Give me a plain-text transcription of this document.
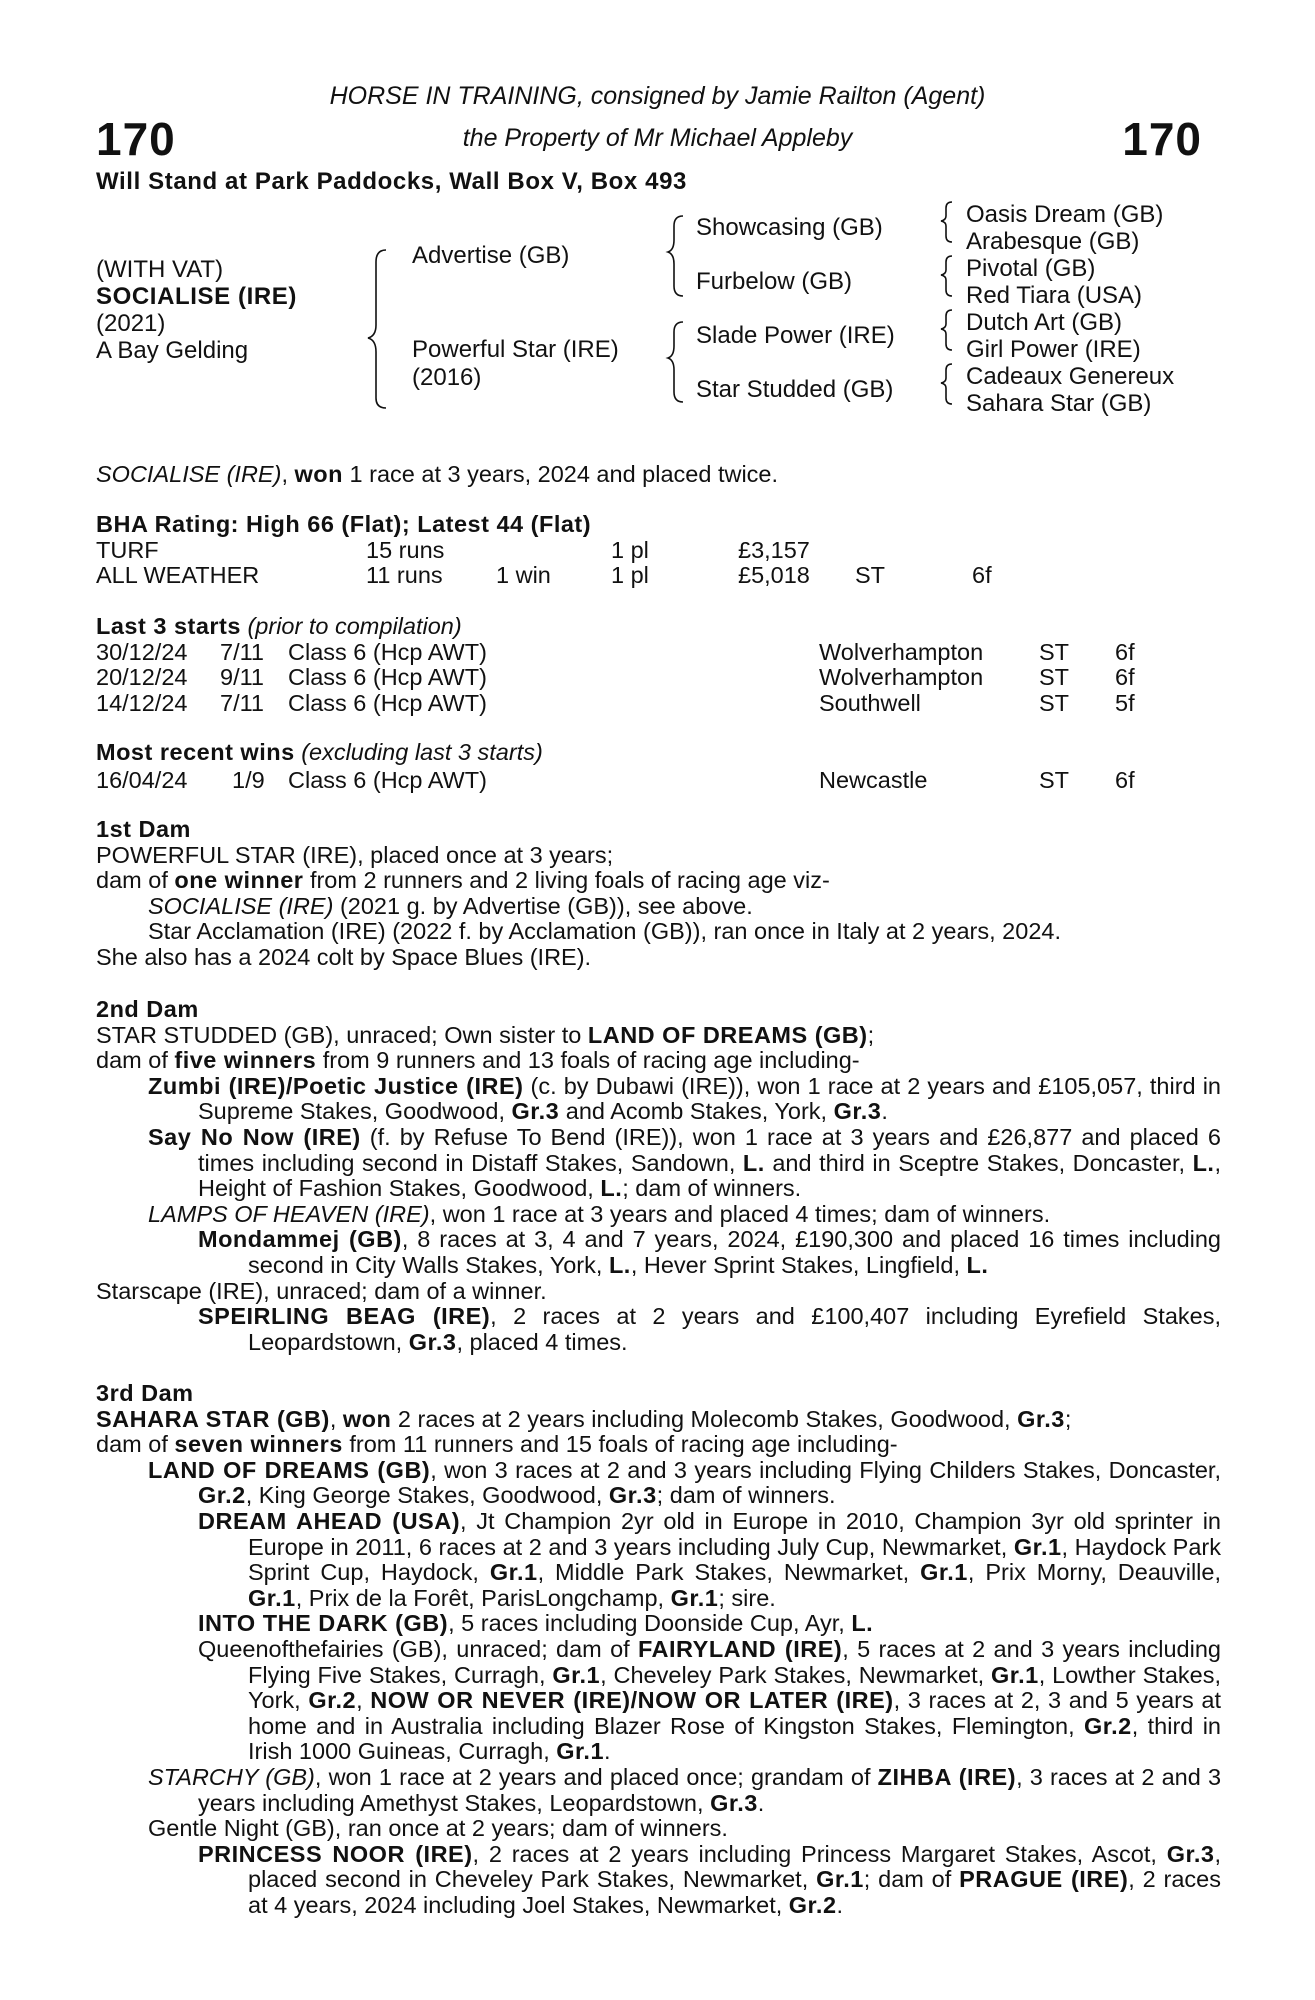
170	170
HORSE IN TRAINING, consigned by Jamie Railton (Agent)
the Property of Mr Michael Appleby
Will Stand at Park Paddocks, Wall Box V, Box 493
(WITH VAT)
SOCIALISE (IRE)
(2021)
A Bay Gelding
Advertise (GB)
Powerful Star (IRE)
(2016)
Showcasing (GB)
Furbelow (GB)
Slade Power (IRE)
Star Studded (GB)
Oasis Dream (GB)
Arabesque (GB)
Pivotal (GB)
Red Tiara (USA)
Dutch Art (GB)
Girl Power (IRE)
Cadeaux Genereux
Sahara Star (GB)

SOCIALISE (IRE), won 1 race at 3 years, 2024 and placed twice.

BHA Rating: High 66 (Flat); Latest 44 (Flat)
TURF	15 runs	1 pl	£3,157
ALL WEATHER	11 runs 1 win	1 pl	£5,018 ST	6f
Last 3 starts (prior to compilation)
30/12/24 7/11 Class 6 (Hcp AWT)	Wolverhampton ST 6f
20/12/24 9/11 Class 6 (Hcp AWT)	Wolverhampton ST 6f
14/12/24 7/11 Class 6 (Hcp AWT)	Southwell	ST 5f
Most recent wins (excluding last 3 starts)
16/04/24 1/9 Class 6 (Hcp AWT)	Newcastle	ST 6f

1st Dam

POWERFUL STAR (IRE), placed once at 3 years;

dam of one winner from 2 runners and 2 living foals of racing age viz-

SOCIALISE (IRE) (2021 g. by Advertise (GB)), see above.

Star Acclamation (IRE) (2022 f. by Acclamation (GB)), ran once in Italy at 2 years, 2024.

She also has a 2024 colt by Space Blues (IRE).

2nd Dam

STAR STUDDED (GB), unraced; Own sister to LAND OF DREAMS (GB);

dam of five winners from 9 runners and 13 foals of racing age including-

Zumbi (IRE)/Poetic Justice (IRE) (c. by Dubawi (IRE)), won 1 race at 2 years and £105,057, third in Supreme Stakes, Goodwood, Gr.3 and Acomb Stakes, York, Gr.3.

Say No Now (IRE) (f. by Refuse To Bend (IRE)), won 1 race at 3 years and £26,877 and placed 6 times including second in Distaff Stakes, Sandown, L. and third in Sceptre Stakes, Doncaster, L., Height of Fashion Stakes, Goodwood, L.; dam of winners.

LAMPS OF HEAVEN (IRE), won 1 race at 3 years and placed 4 times; dam of winners.

Mondammej (GB), 8 races at 3, 4 and 7 years, 2024, £190,300 and placed 16 times including second in City Walls Stakes, York, L., Hever Sprint Stakes, Lingfield, L.

Starscape (IRE), unraced; dam of a winner.

SPEIRLING BEAG (IRE), 2 races at 2 years and £100,407 including Eyrefield Stakes, Leopardstown, Gr.3, placed 4 times.

3rd Dam

SAHARA STAR (GB), won 2 races at 2 years including Molecomb Stakes, Goodwood, Gr.3;

dam of seven winners from 11 runners and 15 foals of racing age including-

LAND OF DREAMS (GB), won 3 races at 2 and 3 years including Flying Childers Stakes, Doncaster, Gr.2, King George Stakes, Goodwood, Gr.3; dam of winners.

DREAM AHEAD (USA), Jt Champion 2yr old in Europe in 2010, Champion 3yr old sprinter in Europe in 2011, 6 races at 2 and 3 years including July Cup, Newmarket, Gr.1, Haydock Park Sprint Cup, Haydock, Gr.1, Middle Park Stakes, Newmarket, Gr.1, Prix Morny, Deauville, Gr.1, Prix de la Forêt, ParisLongchamp, Gr.1; sire.

INTO THE DARK (GB), 5 races including Doonside Cup, Ayr, L.

Queenofthefairies (GB), unraced; dam of FAIRYLAND (IRE), 5 races at 2 and 3 years including Flying Five Stakes, Curragh, Gr.1, Cheveley Park Stakes, Newmarket, Gr.1, Lowther Stakes, York, Gr.2, NOW OR NEVER (IRE)/NOW OR LATER (IRE), 3 races at 2, 3 and 5 years at home and in Australia including Blazer Rose of Kingston Stakes, Flemington, Gr.2, third in Irish 1000 Guineas, Curragh, Gr.1.

STARCHY (GB), won 1 race at 2 years and placed once; grandam of ZIHBA (IRE), 3 races at 2 and 3 years including Amethyst Stakes, Leopardstown, Gr.3.

Gentle Night (GB), ran once at 2 years; dam of winners.

PRINCESS NOOR (IRE), 2 races at 2 years including Princess Margaret Stakes, Ascot, Gr.3, placed second in Cheveley Park Stakes, Newmarket, Gr.1; dam of PRAGUE (IRE), 2 races at 4 years, 2024 including Joel Stakes, Newmarket, Gr.2.
